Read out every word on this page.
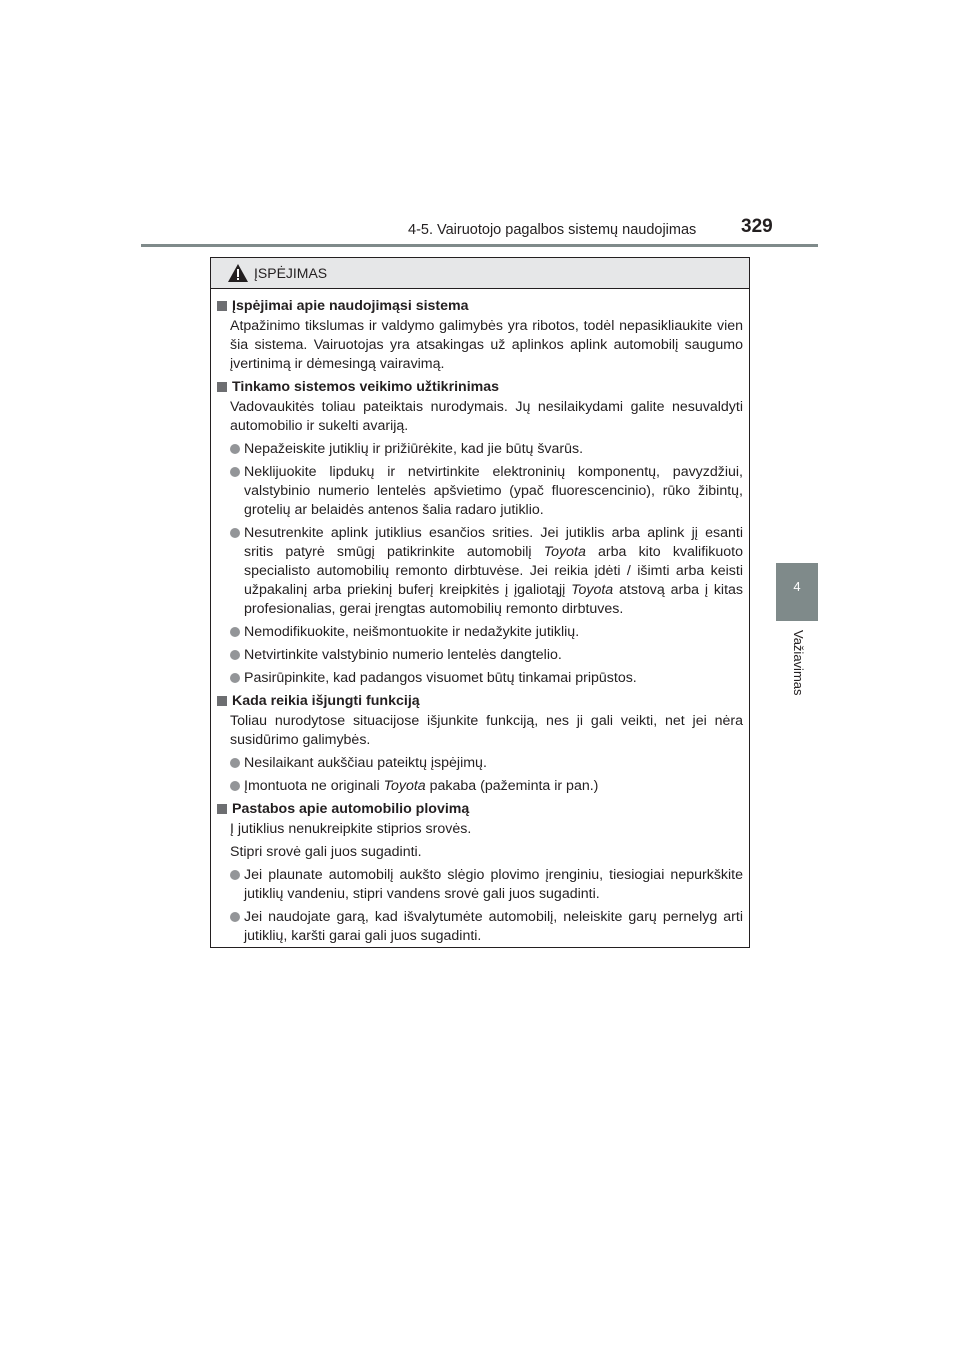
4-5. Vairuotojo pagalbos sistemų naudojimas 329
4
Važiavimas
ĮSPĖJIMAS
Įspėjimai apie naudojimąsi sistema
Atpažinimo tikslumas ir valdymo galimybės yra ribotos, todėl nepasikliaukite vien šia sistema. Vairuotojas yra atsakingas už aplinkos aplink automobilį saugumo įvertinimą ir dėmesingą vairavimą.
Tinkamo sistemos veikimo užtikrinimas
Vadovaukitės toliau pateiktais nurodymais. Jų nesilaikydami galite nesuvaldyti automobilio ir sukelti avariją.
Nepažeiskite jutiklių ir prižiūrėkite, kad jie būtų švarūs.
Neklijuokite lipdukų ir netvirtinkite elektroninių komponentų, pavyzdžiui, valstybinio numerio lentelės apšvietimo (ypač fluorescencinio), rūko žibintų, grotelių ar belaidės antenos šalia radaro jutiklio.
Nesutrenkite aplink jutiklius esančios srities. Jei jutiklis arba aplink jį esanti sritis patyrė smūgį patikrinkite automobilį Toyota arba kito kvalifikuoto specialisto automobilių remonto dirbtuvėse. Jei reikia įdėti / išimti arba keisti užpakalinį arba priekinį buferį kreipkitės į įgaliotąjį Toyota atstovą arba į kitas profesionalias, gerai įrengtas automobilių remonto dirbtuves.
Nemodifikuokite, neišmontuokite ir nedažykite jutiklių.
Netvirtinkite valstybinio numerio lentelės dangtelio.
Pasirūpinkite, kad padangos visuomet būtų tinkamai pripūstos.
Kada reikia išjungti funkciją
Toliau nurodytose situacijose išjunkite funkciją, nes ji gali veikti, net jei nėra susidūrimo galimybės.
Nesilaikant aukščiau pateiktų įspėjimų.
Įmontuota ne originali Toyota pakaba (pažeminta ir pan.)
Pastabos apie automobilio plovimą
Į jutiklius nenukreipkite stiprios srovės.
Stipri srovė gali juos sugadinti.
Jei plaunate automobilį aukšto slėgio plovimo įrenginiu, tiesiogiai nepurkškite jutiklių vandeniu, stipri vandens srovė gali juos sugadinti.
Jei naudojate garą, kad išvalytumėte automobilį, neleiskite garų pernelyg arti jutiklių, karšti garai gali juos sugadinti.
